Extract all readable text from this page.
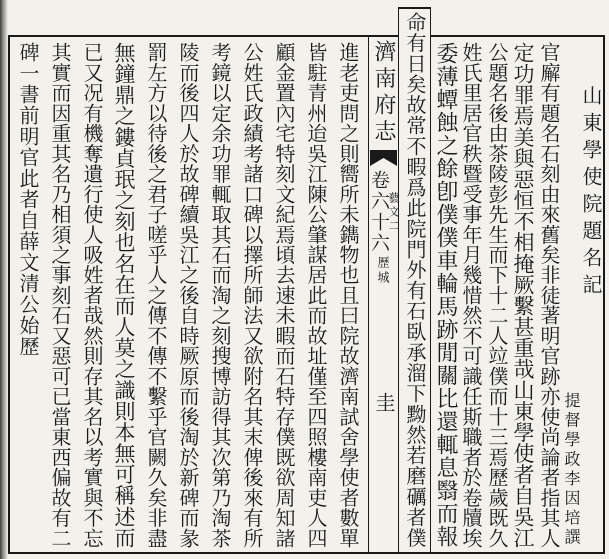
山東學使院題名記
提督學政李因培譔
官廨有題名石刻由來舊矣非徒著明官跡亦使尚論者指其人
定功罪焉美與惡恒不相掩厥繫甚重哉山東學使者自吳江
公題名後由茶陵彭先生而下十二人竝僕而十三焉歷歲既久
姓氏里居官秩暨受事年月幾惜然不可識任斯職者於卷牘埃
委薄蟫蝕之餘卽僕僕車輪馬跡閒關比還輒息翳而報
命有日矣故常不暇爲此院門外有石臥承溜下黝然若磨礪者僕
濟南府志
卷六十六
藝文二
歷城
圭
進老吏問之則嚮所未鐫物也且曰院故濟南試舍學使者數單
皆駐青州迨吳江陳公肇謀居此而故址僅至四照樓南吏人四
顧金置內宅特刻文紀焉頃去速未暇而石特存僕既欲周知諸
公姓氏政績考諸口碑以擇所師法又欲附名其末俾後來有所
考鏡以定余功罪輒取其石而淘之刻搜博訪得其次第乃淘茶
陵而後四人於故碑續吳江之後自時厥原而後淘於新碑而彖
罰左方以待後之君子嗟乎人之傳不傳不繫乎官闕久矣非盡
無鐘鼎之鏤貞珉之刻也名在而人莫之識則本無可稱述而
已又况有機奪遺行使人吸姓者哉然則存其名以考實與不忘
其實而因重其名乃相須之事刻石又惡可已當東西偏故有二
碑一書前明官此者自薛文清公始歷
